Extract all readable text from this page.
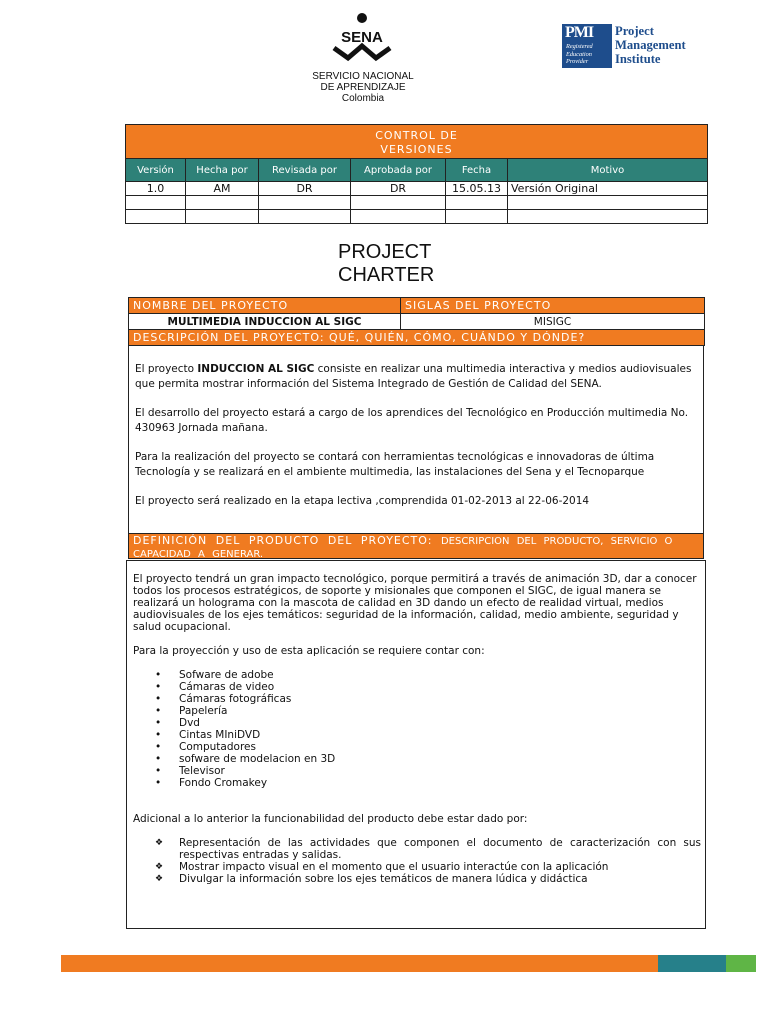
SENA
SERVICIO NACIONAL
DE APRENDIZAJE
Colombia
PMI
Registered
Education
Provider
Project
Management
Institute
CONTROL DE
VERSIONES					

Versión	Hecha por	Revisada por	Aprobada por	Fecha	Motivo
1.0	AM	DR	DR	15.05.13	Versión Original

PROJECT
CHARTER
NOMBRE DEL PROYECTO	SIGLAS DEL PROYECTO
MULTIMEDIA INDUCCION AL SIGC	MISIGC
DESCRIPCIÓN DEL PROYECTO: QUÉ, QUIÉN, CÓMO, CUÁNDO Y DÓNDE?	

El proyecto INDUCCION AL SIGC consiste en realizar una multimedia interactiva y medios audiovisuales que permita mostrar información del Sistema Integrado de Gestión de Calidad del SENA.

El desarrollo del proyecto estará a cargo de los aprendices del Tecnológico en Producción multimedia No. 430963 Jornada mañana.

Para la realización del proyecto se contará con herramientas tecnológicas e innovadoras de última Tecnología y se realizará en el ambiente multimedia, las instalaciones del Sena y el Tecnoparque

El proyecto será realizado en la etapa lectiva ,comprendida 01-02-2013 al 22-06-2014

DEFINICIÓN DEL PRODUCTO DEL PROYECTO: DESCRIPCION DEL PRODUCTO, SERVICIO O CAPACIDAD A GENERAR.
El proyecto tendrá un gran impacto tecnológico, porque permitirá a través de animación 3D, dar a conocer todos los procesos estratégicos, de soporte y misionales que componen el SIGC, de igual manera se realizará un holograma con la mascota de calidad en 3D dando un efecto de realidad virtual, medios audiovisuales de los ejes temáticos: seguridad de la información, calidad, medio ambiente, seguridad y salud ocupacional.
Para la proyección y uso de esta aplicación se requiere contar con:
• Sofware de adobe
• Cámaras de video
• Cámaras fotográficas
• Papelería
• Dvd
• Cintas MIniDVD
• Computadores
• sofware de modelacion en 3D
• Televisor
• Fondo Cromakey
Adicional a lo anterior la funcionabilidad del producto debe estar dado por:
❖ Representación de las actividades que componen el documento de caracterización con sus respectivas entradas y salidas.
❖ Mostrar impacto visual en el momento que el usuario interactúe con la aplicación
❖ Divulgar la información sobre los ejes temáticos de manera lúdica y didáctica
